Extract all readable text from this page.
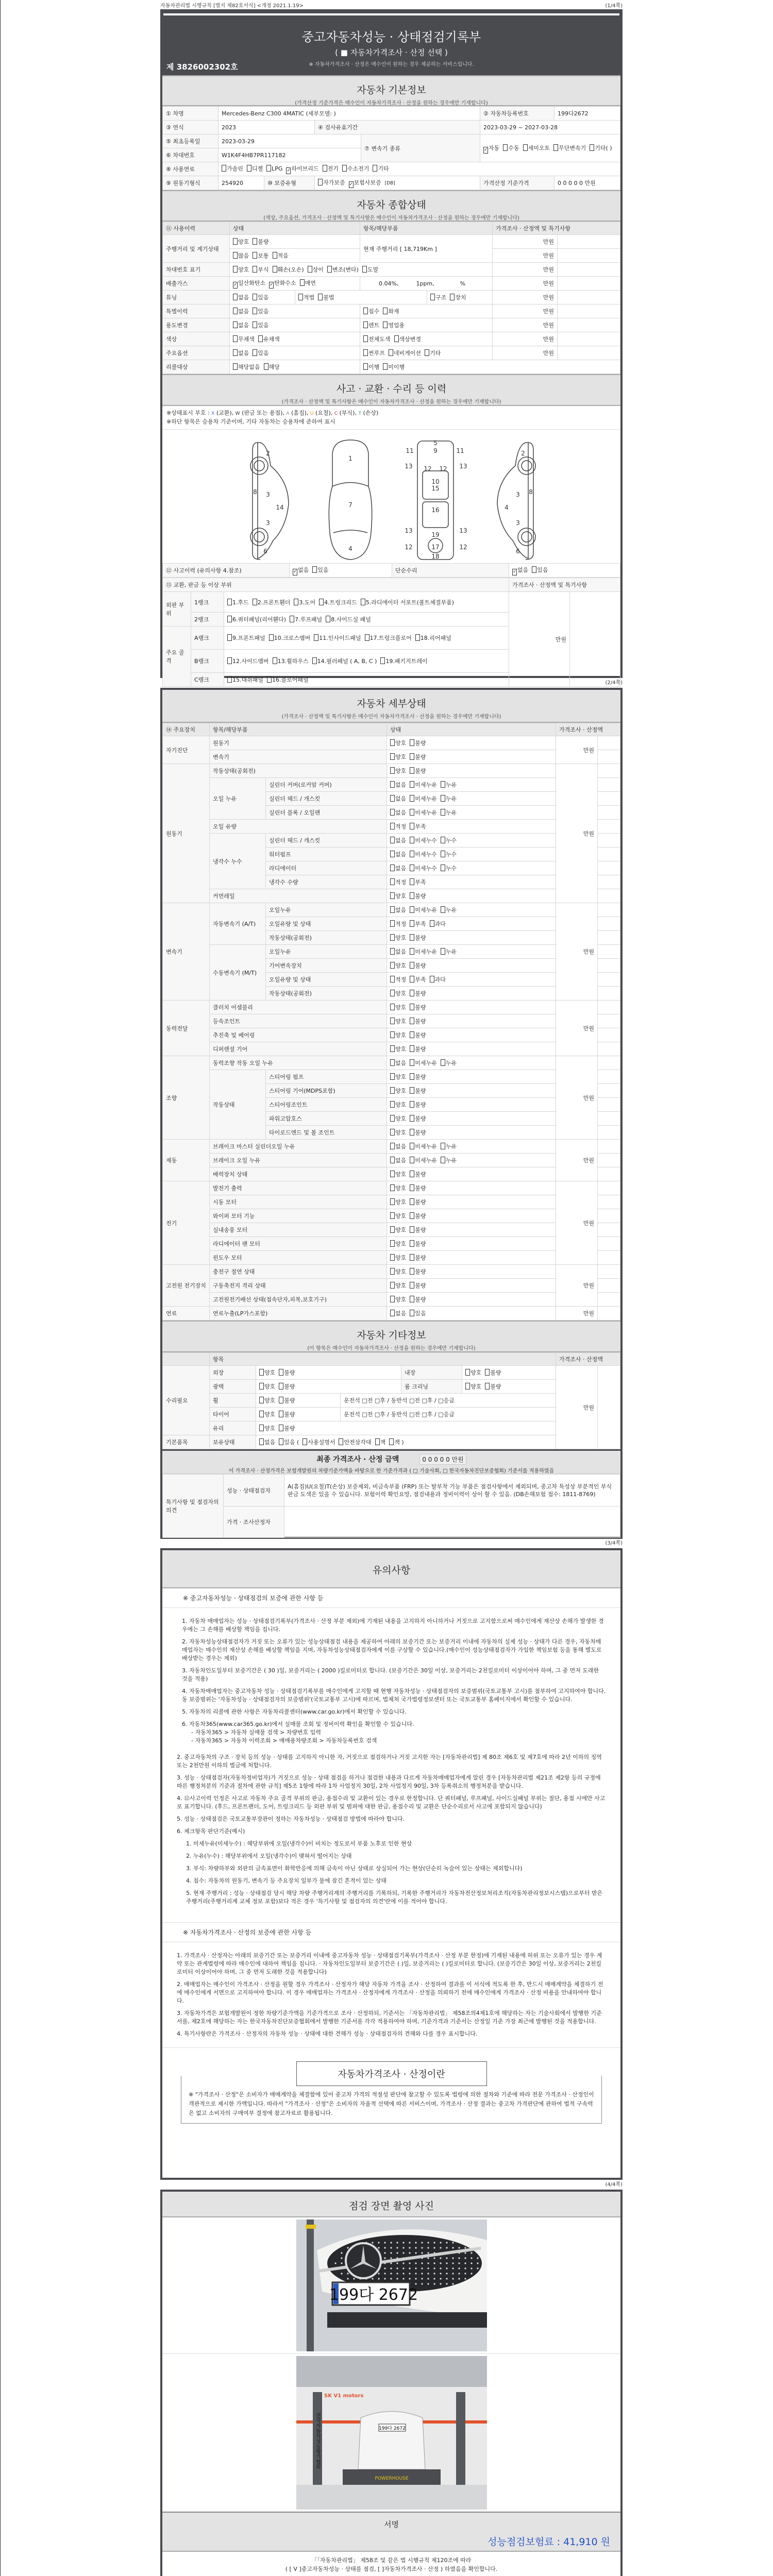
자동차관리법 시행규칙 [별지 제82호서식] <개정 2021.1.19>	(1/4쪽)
중고자동차성능 · 상태점검기록부
( ■ 자동차가격조사 · 산정 선택 )
※ 자동차가격조사 · 산정은 매수인이 원하는 경우 제공하는 서비스입니다.
제 3826002302호
자동차 기본정보
(가격산정 기준가격은 매수인이 자동차가격조사 · 산정을 원하는 경우에만 기재합니다)
① 차명	Mercedes-Benz C300 4MATIC (세부모델: )				② 자동차등록번호	199다2672
③ 연식	2023		④ 검사유효기간		2023-03-29 ~ 2027-03-28	
⑤ 최초등록일	2023-03-29			⑦ 변속기 종류	✓자동 수동 세미오토 무단변속기 기타( )	
⑥ 차대번호	W1K4F4HB7PR117182					
⑧ 사용연료	가솔린 디젤 LPG ✓하이브리드 전기 수소전기 기타					
⑨ 원동기형식	254920	⑩ 보증유형	자가보증 ✓보험사보증 [DB]		가격산정 기준가격	0 0 0 0 0 만원
자동차 종합상태
(색상, 주요옵션, 가격조사 · 산정액 및 특기사항은 매수인이 자동차가격조사 · 산정을 원하는 경우에만 기재합니다)
⑪ 사용이력	상태		항목/해당부품		가격조사 · 산정액 및 특기사항	
주행거리 및 계기상태	양호 불량		현재 주행거리 [ 18,719Km ]		만원	
	많음 보통 적음				만원	
차대번호 표기	양호 부식 훼손(오손) 상이 변조(변타) 도말				만원	
배출가스	✓일산화탄소 ✓탄화수소 매연		0.04%, 1ppm, %		만원	
튜닝	없음 있음	적법 불법		구조 장치	만원	
특별이력	없음 있음		침수 화재		만원	
용도변경	없음 있음		렌트 영업용		만원	
색상	무채색 유채색		전체도색 색상변경		만원	
주요옵션	없음 있음		썬루프 네비게이션 기타		만원	
리콜대상	해당없음 해당		이행 미이행			
사고 · 교환 · 수리 등 이력
(가격조사 · 산정액 및 특기사항은 매수인이 자동차가격조사 · 산정을 원하는 경우에만 기재합니다)
※상태표시 부호 : X (교환), W (판금 또는 용접), A (흠집), U (요철), C (부식), T (손상)
※하단 항목은 승용차 기준이며, 기타 자동차는 승용차에 준하여 표시
2
8 3
14
3
6
1
7
4
5
9
11	11
13	13
12 12
10
15
16
13	13
19
12	12
17
18
2
3 8
4
3
6
⑫ 사고이력 (유의사항 4.참조)	✓없음 있음	단순수리	✓없음 있음
⑬ 교환, 판금 등 이상 부위			가격조사 · 산정액 및 특기사항	
외판 부위	1랭크	1.후드 2.프론트휀더 3.도어 4.트렁크리드 5.라디에이터 서포트(볼트체결부품)	만원	
	2랭크	6.쿼터패널(리어휀다) 7.루프패널 8.사이드실 패널		
주요 골격	A랭크	9.프론트패널 10.크로스멤버 11.인사이드패널 17.트렁크플로어 18.리어패널		
	B랭크	12.사이드멤버 13.휠하우스 14.필러패널 ( A, B, C ) 19.패키지트레이		
	C랭크	15.대쉬패널 16.플로어패널			(2/4쪽)
자동차 세부상태
(가격조사 · 산정액 및 특기사항은 매수인이 자동차가격조사 · 산정을 원하는 경우에만 기재합니다)
⑭ 주요장치	항목/해당부품		상태	가격조사 · 산정액	
자기진단	원동기		양호 불량	만원	
	변속기		양호 불량		
원동기	작동상태(공회전)		양호 불량	만원	
	오일 누유	실린더 커버(로커암 커버)	없음 미세누유 누유		
		실린더 헤드 / 개스킷	없음 미세누유 누유		
		실린더 블록 / 오일팬	없음 미세누유 누유		
	오일 유량		적정 부족		
	냉각수 누수	실린더 헤드 / 개스킷	없음 미세누수 누수		
		워터펌프	없음 미세누수 누수		
		라디에이터	없음 미세누수 누수		
		냉각수 수량	적정 부족		
	커먼레일		양호 불량		
변속기	자동변속기 (A/T)	오일누유	없음 미세누유 누유	만원	
		오일유량 및 상태	적정 부족 과다		
		작동상태(공회전)	양호 불량		
	수동변속기 (M/T)	오일누유	없음 미세누유 누유		
		기어변속장치	양호 불량		
		오일유량 및 상태	적정 부족 과다		
		작동상태(공회전)	양호 불량		
동력전달	클러치 어셈블리		양호 불량	만원	
	등속조인트		양호 불량		
	추진축 및 베어링		양호 불량		
	디퍼렌셜 기어		양호 불량		
조향	동력조향 작동 오일 누유		없음 미세누유 누유	만원	
	작동상태	스티어링 펌프	양호 불량		
		스티어링 기어(MDPS포함)	양호 불량		
		스티어링조인트	양호 불량		
		파워고압호스	양호 불량		
		타이로드엔드 및 볼 조인트	양호 불량		
제동	브레이크 마스터 실린더오일 누유		없음 미세누유 누유	만원	
	브레이크 오일 누유		없음 미세누유 누유		
	배력장치 상태		양호 불량		
전기	발전기 출력		양호 불량	만원	
	시동 모터		양호 불량		
	와이퍼 모터 기능		양호 불량		
	실내송풍 모터		양호 불량		
	라디에이터 팬 모터		양호 불량		
	윈도우 모터		양호 불량		
고전원 전기장치	충전구 절연 상태		양호 불량	만원	
	구동축전지 격리 상태		양호 불량		
	고전원전기배선 상태(접속단자,피복,보호기구)		양호 불량		
연료	연료누출(LP가스포함)		없음 있음	만원	
자동차 기타정보
(이 항목은 매수인이 자동차가격조사 · 산정을 원하는 경우에만 기재합니다)
	항목					가격조사 · 산정액	
수리필요	외장	양호 불량		내장	양호 불량	만원	
	광택	양호 불량		룸 크리닝	양호 불량		
	휠	양호 불량	운전석 □전 □후 / 동반석 □전 □후 / □응급				
	타이어	양호 불량	운전석 □전 □후 / 동반석 □전 □후 / □응급				
	유리	양호 불량					
기본품목	보유상태	없음 있음 ( 사용설명서 안전삼각대 잭 잭 )					
최종 가격조사 · 산정 금액	0 0 0 0 0 만원
이 가격조사 · 산정가격은 보험개발원의 차량기준가액을 바탕으로 한 기준가격과 ( □ 기술사회, □ 한국자동차진단보증협회) 기준서를 적용하였음
특기사항 및 점검자의 의견	성능 · 상태점검자	A(흠집)U(요철)T(손상) 보증제외, 비금속부품 (FRP) 또는 탈부착 기능 부품은 점검사항에서 제외되며, 중고차 특성상 부분적인 부식 판금 도색은 있을 수 있습니다. 보험이력 확인요망, 점검내용과 정비이력이 상이 할 수 있음. (DB손해보험 접수: 1811-8769)
	가격 · 조사산정자	
(3/4쪽)
유의사항
※ 중고자동차성능 · 상태점검의 보증에 관한 사항 등

1. 자동차 매매업자는 성능 · 상태점검기록부(가격조사 · 산정 부분 제외)에 기재된 내용을 고지하지 아니하거나 거짓으로 고지함으로써 매수인에게 재산상 손해가 발생한 경우에는 그 손해를 배상할 책임을 집니다.

2. 자동차성능상태점검자가 거짓 또는 오류가 있는 성능상태점검 내용을 제공하여 아래의 보증기간 또는 보증거리 이내에 자동차의 실제 성능 · 상태가 다른 경우, 자동차매매업자는 매수인의 재산상 손해를 배상할 책임을 지며, 자동차성능상태점검자에게 이를 구상할 수 있습니다.(매수인이 성능상태점검자가 가입한 책임보험 등을 통해 별도로 배상받는 경우는 제외)

3. 자동차인도일부터 보증기간은 ( 30 )일, 보증거리는 ( 2000 )킬로미터로 합니다. (보증기간은 30일 이상, 보증거리는 2천킬로미터 이상이어야 하며, 그 중 먼저 도래한 것을 적용)

4. 자동차매매업자는 중고자동차 성능 · 상태점검기록부를 매수인에게 고지할 때 현행 자동차성능 · 상태점검자의 보증범위(국토교통부 고시)를 첨부하여 고지하여야 합니다. 동 보증범위는 '자동차성능 · 상태점검자의 보증범위'(국토교통부 고시)에 따르며, 법제처 국가법령정보센터 또는 국토교통부 홈페이지에서 확인할 수 있습니다.

5. 자동차의 리콜에 관한 사항은 자동차리콜센터(www.car.go.kr)에서 확인할 수 있습니다.

6. 자동차365(www.car365.go.kr)에서 실매물 조회 및 정비이력 확인을 확인할 수 있습니다.

- 자동차365 > 자동차 실매물 검색 > 차량번호 입력
- 자동차365 > 자동차 이력조회 > 매매용차량조회 > 자동차등록번호 검색

2. 중고자동차의 구조 · 장치 등의 성능 · 상태를 고지하지 아니한 자, 거짓으로 점검하거나 거짓 고지한 자는 [자동차관리법] 제 80조 제6호 및 제7호에 따라 2년 이하의 징역 또는 2천만원 이하의 벌금에 처합니다.

3. 성능 · 상태점검자(자동차정비업자)가 거짓으로 성능 · 상태 점검을 하거나 점검한 내용과 다르게 자동차매매업자에게 알린 경우 [자동차관리법 제21조 제2항 등의 규정에 따른 행정처분의 기준과 절차에 관한 규칙] 제5조 1항에 따라 1차 사업정지 30일, 2차 사업정지 90일, 3차 등록취소의 행정처분을 받습니다.

4. ⑫사고이력 인정은 사고로 자동차 주요 골격 부위의 판금, 용접수리 및 교환이 있는 경우로 한정합니다. 단 쿼터패널, 루프패널, 사이드실패널 부위는 절단, 용접 시에만 사고로 표기합니다. (후드, 프론트펜더, 도어, 트렁크리드 등 외판 부위 및 범퍼에 대한 판금, 용접수리 및 교환은 단순수리로서 사고에 포함되지 않습니다)

5. 성능 · 상태점검은 국토교통부장관이 정하는 자동차성능 · 상태점검 방법에 따라야 합니다.

6. 체크항목 판단기준(예시)

1. 미세누유(미세누수) : 해당부위에 오일(냉각수)이 비치는 정도로서 부품 노후로 인한 현상

2. 누유(누수) : 해당부위에서 오일(냉각수)이 맺혀서 떨어지는 상태

3. 부식: 차량하부와 외판의 금속표면이 화학반응에 의해 금속이 아닌 상태로 상실되어 가는 현상(단순히 녹슬어 있는 상태는 제외합니다)

4. 침수: 자동차의 원동기, 변속기 등 주요장치 일부가 물에 잠긴 흔적이 있는 상태

5. 현재 주행거리 : 성능 · 상태점검 당시 해당 차량 주행거리계의 주행거리를 기록하되, 기록한 주행거리가 자동차전산정보처리조직(자동차관리정보시스템)으로부터 받은 주행거리(주행거리계 교체 정보 포함)보다 적은 경우 '특기사항 및 점검자의 의견'란에 이를 적어야 합니다.

※ 자동차가격조사 · 산정의 보증에 관한 사항 등

1. 가격조사 · 산정자는 아래의 보증기간 또는 보증거리 이내에 중고자동차 성능 · 상태점검기록부(가격조사 · 산정 부분 한정)에 기재된 내용에 허위 또는 오류가 있는 경우 계약 또는 관계법령에 따라 매수인에 대하여 책임을 집니다. · 자동차인도일부터 보증기간은 ( )일, 보증거리는 ( )킬로미터로 합니다. (보증기간은 30일 이상, 보증거리는 2천킬로미터 이상이어야 하며, 그 중 먼저 도래한 것을 적용합니다)

2. 매매업자는 매수인이 가격조사 · 산정을 원할 경우 가격조사 · 산정자가 해당 자동차 가격을 조사 · 산정하여 결과를 이 서식에 적도록 한 후, 반드시 매매계약을 체결하기 전에 매수인에게 서면으로 고지하여야 합니다. 이 경우 매매업자는 가격조사 · 산정자에게 가격조사 · 산정을 의뢰하기 전에 매수인에게 가격조사 · 산정 비용을 안내하여야 합니다.

3. 자동차가격은 보험개발원이 정한 차량기준가액을 기준가격으로 조사 · 산정하되, 기준서는 「자동차관리법」 제58조의4제1호에 해당하는 자는 기술사회에서 발행한 기준서를, 제2호에 해당하는 자는 한국자동차진단보증협회에서 발행한 기준서를 각각 적용하여야 하며, 기준가격과 기준서는 산정일 기준 가장 최근에 발행된 것을 적용합니다.

4. 특기사항란은 가격조사 · 산정자의 자동차 성능 · 상태에 대한 견해가 성능 · 상태점검자의 견해와 다를 경우 표시합니다.

자동차가격조사 · 산정이란
※ "가격조사 · 산정"은 소비자가 매매계약을 체결함에 있어 중고차 가격의 적절성 판단에 참고할 수 있도록 법령에 의한 절차와 기준에 따라 전문 가격조사 · 산정인이 객관적으로 제시한 가액입니다. 따라서 "가격조사 · 산정"은 소비자의 자율적 선택에 따른 서비스이며, 가격조사 · 산정 결과는 중고차 가격판단에 관하여 법적 구속력은 없고 소비자의 구매여부 결정에 참고자료로 활용됩니다.
(4/4쪽)
점검 장면 촬영 사진
199다 2672
전국자동차성능평가협회
SK V1 motors
199다 2672
POWERHOUSE
서명
성능점검보험료 : 41,910 원
「「자동차관리법」 제58조 및 같은 법 시행규칙 제120조에 따라
( [ V ]중고자동차성능 · 상태를 점검, [ ]자동차가격조사 · 산정 ) 하였음을 확인합니다.
